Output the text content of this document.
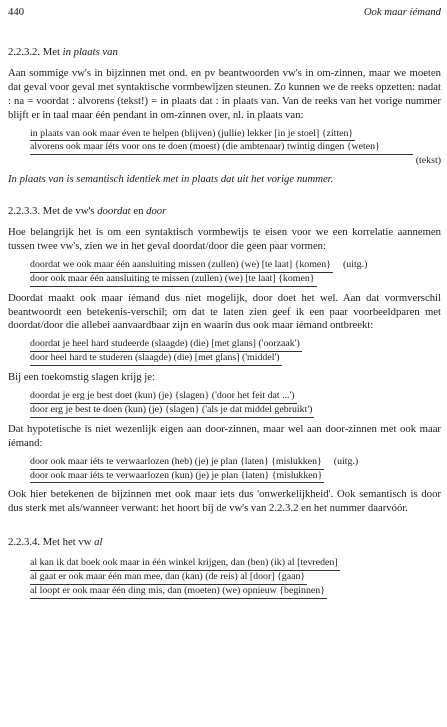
440	Ook maar íémand
2.2.3.2. Met in plaats van

Aan sommige vw's in bijzinnen met ond. en pv beantwoorden vw's in om-zinnen, maar we moeten dat geval voor geval met syntaktische vormbewijzen steunen. Zo kunnen we de reeks opzetten: nadat : na = voordat : alvorens (tekst!) = in plaats dat : in plaats van. Van de reeks van het vorige nummer blijft er in taal maar één pendant in om-zinnen over, nl. in plaats van:

in plaats van ook maar éven te helpen (blijven) (jullie) lekker [in je stoel] {zitten}
alvorens ook maar íéts voor ons te doen (moest) (die ambtenaar) twintig dingen {weten}
(tekst)

In plaats van is semantisch identiek met in plaats dat uit het vorige nummer.

2.2.3.3. Met de vw's doordat en door

Hoe belangrijk het is om een syntaktisch vormbewijs te eisen voor we een korrelatie aannemen tussen twee vw's, zien we in het geval doordat/door die geen paar vormen:

doordat we ook maar één aansluiting missen (zullen) (we) [te laat] {komen} (uitg.)
door ook maar één aansluiting te missen (zullen) (we) [te laat] {komen}

Doordat maakt ook maar íémand dus niet mogelijk, door doet het wel. Aan dat vormverschil beantwoordt een betekenis-verschil; om dat te laten zien geef ik een paar voorbeeldparen met doordat/door die allebei aanvaardbaar zijn en waarin dus ook maar íémand ontbreekt:

doordat je heel hard studeerde (slaagde) (die) [met glans] ('oorzaak')
door heel hard te studeren (slaagde) (die) [met glans] ('middel')

Bij een toekomstig slagen krijg je:

doordat je erg je best doet (kun) (je) {slagen} ('door het feit dat ...')
door erg je best te doen (kun) (je) {slagen} ('als je dat middel gebruikt')

Dat hypotetische is niet wezenlijk eigen aan door-zinnen, maar wel aan door-zinnen met ook maar íémand:

door ook maar íéts te verwaarlozen (heb) (je) je plan {laten} {mislukken} (uitg.)
door ook maar íéts te verwaarlozen (kun) (je) je plan {laten} {mislukken}

Ook hier betekenen de bijzinnen met ook maar iets dus 'onwerkelijkheid'. Ook semantisch is door dus sterk met als/wanneer verwant: het hoort bij de vw's van 2.2.3.2 en het nummer daarvóór.

2.2.3.4. Met het vw al
al kan ik dat boek ook maar in één winkel krijgen, dan (ben) (ik) al [tevreden]
al gaat er ook maar één man mee, dan (kan) (de reis) al [door] {gaan}
al loopt er ook maar één ding mis, dan (moeten) (we) opnieuw {beginnen}
